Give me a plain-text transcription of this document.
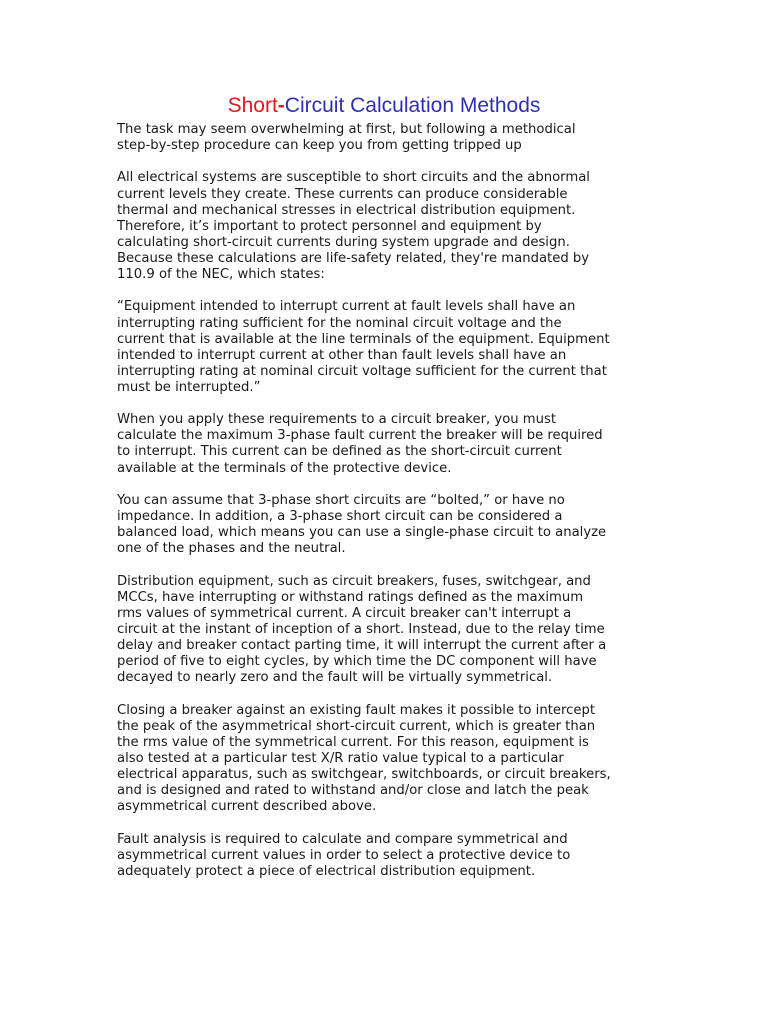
Short-Circuit Calculation Methods

The task may seem overwhelming at first, but following a methodical
step-by-step procedure can keep you from getting tripped up

All electrical systems are susceptible to short circuits and the abnormal
current levels they create. These currents can produce considerable
thermal and mechanical stresses in electrical distribution equipment.
Therefore, it’s important to protect personnel and equipment by
calculating short-circuit currents during system upgrade and design.
Because these calculations are life-safety related, they're mandated by
110.9 of the NEC, which states:

“Equipment intended to interrupt current at fault levels shall have an
interrupting rating sufficient for the nominal circuit voltage and the
current that is available at the line terminals of the equipment. Equipment
intended to interrupt current at other than fault levels shall have an
interrupting rating at nominal circuit voltage sufficient for the current that
must be interrupted.”

When you apply these requirements to a circuit breaker, you must
calculate the maximum 3-phase fault current the breaker will be required
to interrupt. This current can be defined as the short-circuit current
available at the terminals of the protective device.

You can assume that 3-phase short circuits are “bolted,” or have no
impedance. In addition, a 3-phase short circuit can be considered a
balanced load, which means you can use a single-phase circuit to analyze
one of the phases and the neutral.

Distribution equipment, such as circuit breakers, fuses, switchgear, and
MCCs, have interrupting or withstand ratings defined as the maximum
rms values of symmetrical current. A circuit breaker can't interrupt a
circuit at the instant of inception of a short. Instead, due to the relay time
delay and breaker contact parting time, it will interrupt the current after a
period of five to eight cycles, by which time the DC component will have
decayed to nearly zero and the fault will be virtually symmetrical.

Closing a breaker against an existing fault makes it possible to intercept
the peak of the asymmetrical short-circuit current, which is greater than
the rms value of the symmetrical current. For this reason, equipment is
also tested at a particular test X/R ratio value typical to a particular
electrical apparatus, such as switchgear, switchboards, or circuit breakers,
and is designed and rated to withstand and/or close and latch the peak
asymmetrical current described above.

Fault analysis is required to calculate and compare symmetrical and
asymmetrical current values in order to select a protective device to
adequately protect a piece of electrical distribution equipment.
